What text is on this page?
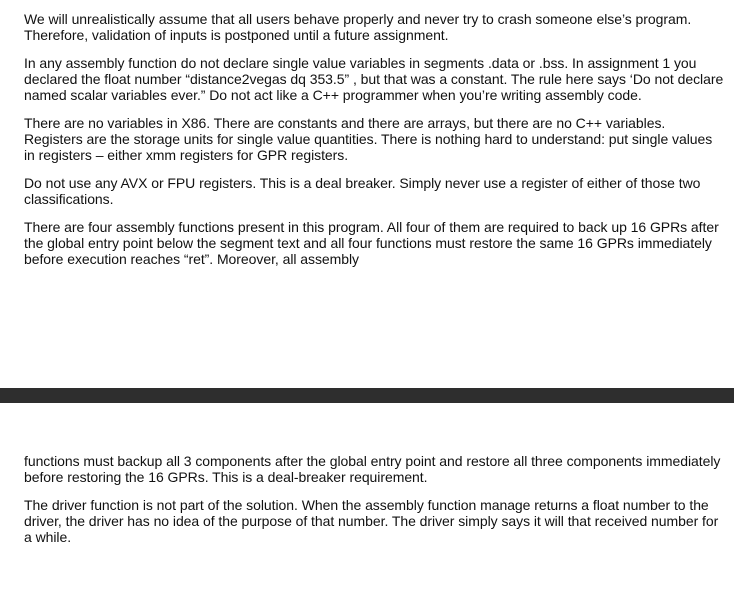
We will unrealistically assume that all users behave properly and never try to crash someone else’s program. Therefore, validation of inputs is postponed until a future assignment.

In any assembly function do not declare single value variables in segments .data or .bss. In assignment 1 you declared the float number “distance2vegas dq 353.5” , but that was a constant. The rule here says ‘Do not declare named scalar variables ever.” Do not act like a C++ programmer when you’re writing assembly code.

There are no variables in X86. There are constants and there are arrays, but there are no C++ variables. Registers are the storage units for single value quantities. There is nothing hard to understand: put single values in registers – either xmm registers for GPR registers.

Do not use any AVX or FPU registers. This is a deal breaker. Simply never use a register of either of those two classifications.

There are four assembly functions present in this program. All four of them are required to back up 16 GPRs after the global entry point below the segment text and all four functions must restore the same 16 GPRs immediately before execution reaches “ret”. Moreover, all assembly

functions must backup all 3 components after the global entry point and restore all three components immediately before restoring the 16 GPRs. This is a deal-breaker requirement.

The driver function is not part of the solution. When the assembly function manage returns a float number to the driver, the driver has no idea of the purpose of that number. The driver simply says it will that received number for a while.
